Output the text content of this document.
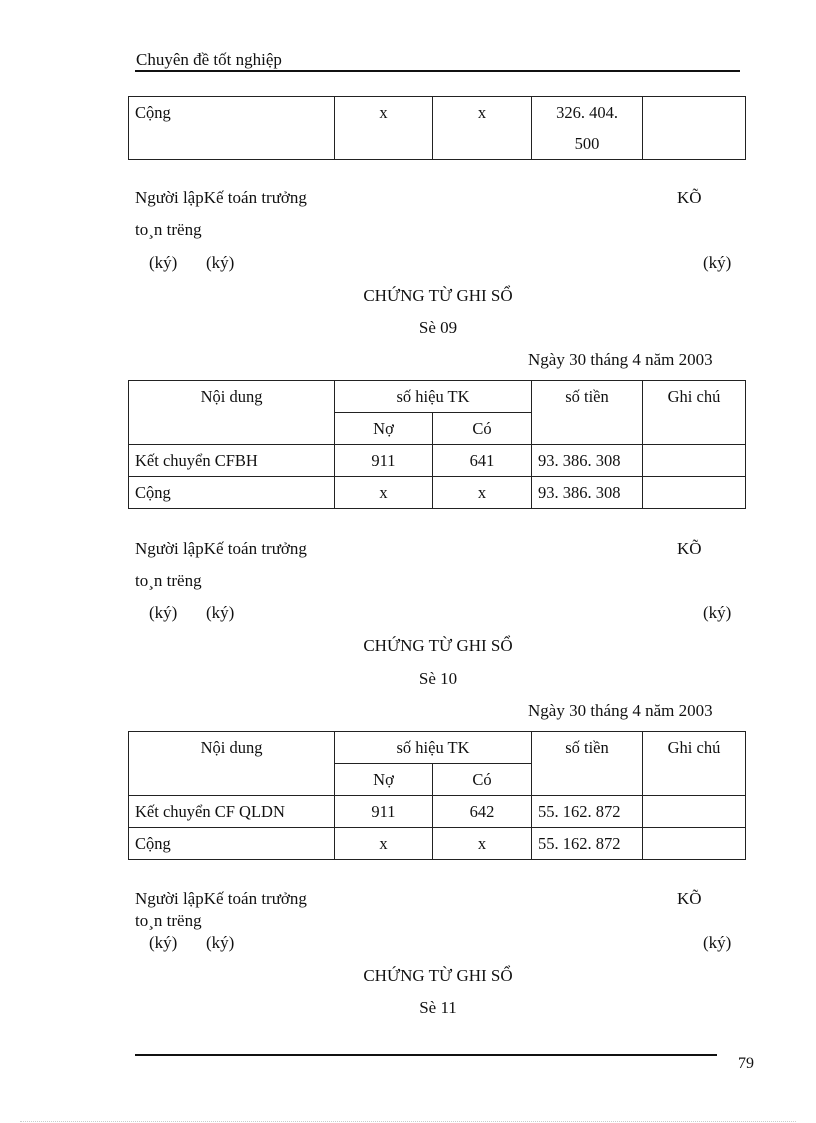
Chuyên đề tốt nghiệp
Cộng	x	x	326. 404.
500

Người lậpKế toán trưởng	KÕ
to¸n trëng
(ký) (ký)	(ký)
CHỨNG TỪ GHI SỔ
Sè 09
Ngày 30 tháng 4 năm 2003
Nội dung	số hiệu TK		số tiền	Ghi chú
	Nợ	Có		
Kết chuyển CFBH	911	641	93. 386. 308	
Cộng	x	x	93. 386. 308	
Người lậpKế toán trưởng	KÕ
to¸n trëng
(ký) (ký)	(ký)
CHỨNG TỪ GHI SỔ
Sè 10
Ngày 30 tháng 4 năm 2003
Nội dung	số hiệu TK		số tiền	Ghi chú
	Nợ	Có		
Kết chuyển CF QLDN	911	642	55. 162. 872	
Cộng	x	x	55. 162. 872	
Người lậpKế toán trưởng	KÕ
to¸n trëng
(ký) (ký)	(ký)
CHỨNG TỪ GHI SỔ
Sè 11
79
